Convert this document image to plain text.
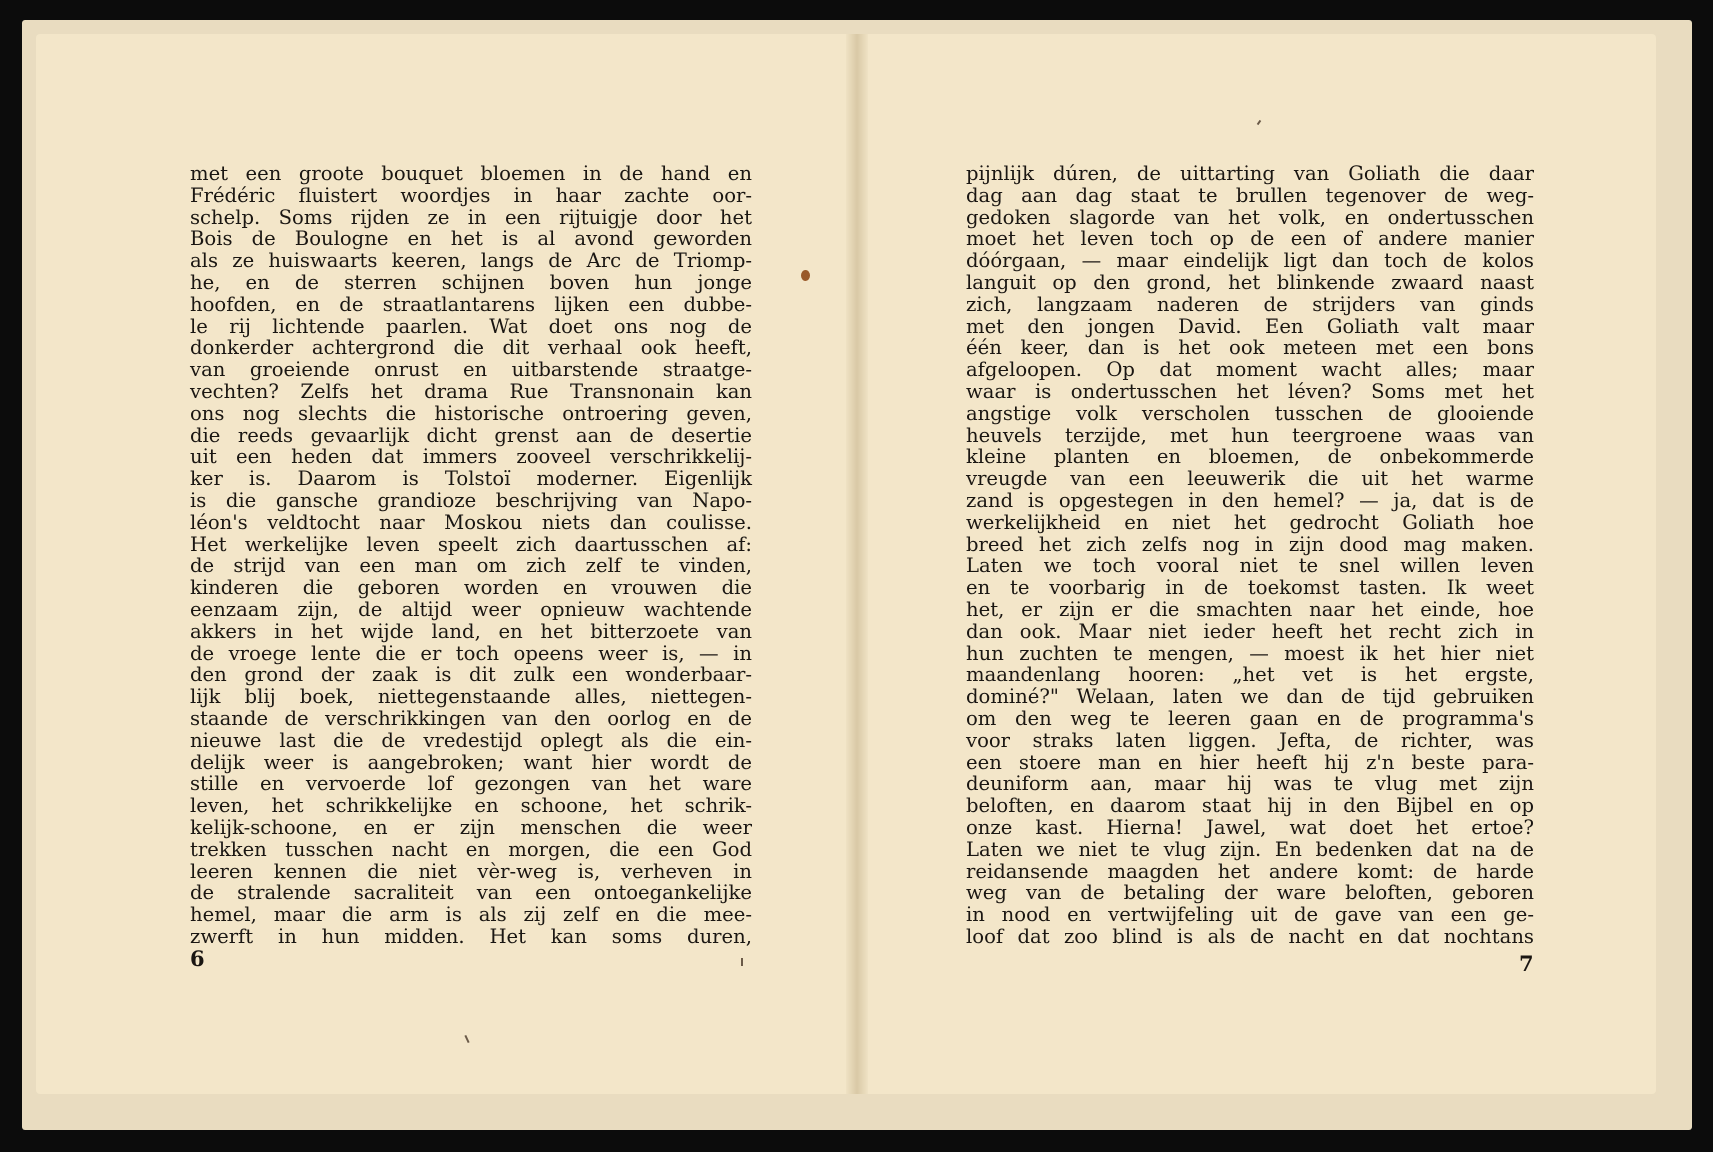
met een groote bouquet bloemen in de hand en
Frédéric fluistert woordjes in haar zachte oor-
schelp. Soms rijden ze in een rijtuigje door het
Bois de Boulogne en het is al avond geworden
als ze huiswaarts keeren, langs de Arc de Triomp-
he, en de sterren schijnen boven hun jonge
hoofden, en de straatlantarens lijken een dubbe-
le rij lichtende paarlen. Wat doet ons nog de
donkerder achtergrond die dit verhaal ook heeft,
van groeiende onrust en uitbarstende straatge-
vechten? Zelfs het drama Rue Transnonain kan
ons nog slechts die historische ontroering geven,
die reeds gevaarlijk dicht grenst aan de desertie
uit een heden dat immers zooveel verschrikkelij-
ker is. Daarom is Tolstoï moderner. Eigenlijk
is die gansche grandioze beschrijving van Napo-
léon's veldtocht naar Moskou niets dan coulisse.
Het werkelijke leven speelt zich daartusschen af:
de strijd van een man om zich zelf te vinden,
kinderen die geboren worden en vrouwen die
eenzaam zijn, de altijd weer opnieuw wachtende
akkers in het wijde land, en het bitterzoete van
de vroege lente die er toch opeens weer is, — in
den grond der zaak is dit zulk een wonderbaar-
lijk blij boek, niettegenstaande alles, niettegen-
staande de verschrikkingen van den oorlog en de
nieuwe last die de vredestijd oplegt als die ein-
delijk weer is aangebroken; want hier wordt de
stille en vervoerde lof gezongen van het ware
leven, het schrikkelijke en schoone, het schrik-
kelijk-schoone, en er zijn menschen die weer
trekken tusschen nacht en morgen, die een God
leeren kennen die niet vèr-weg is, verheven in
de stralende sacraliteit van een ontoegankelijke
hemel, maar die arm is als zij zelf en die mee-
zwerft in hun midden. Het kan soms duren,
pijnlijk dúren, de uittarting van Goliath die daar
dag aan dag staat te brullen tegenover de weg-
gedoken slagorde van het volk, en ondertusschen
moet het leven toch op de een of andere manier
dóórgaan, — maar eindelijk ligt dan toch de kolos
languit op den grond, het blinkende zwaard naast
zich, langzaam naderen de strijders van ginds
met den jongen David. Een Goliath valt maar
één keer, dan is het ook meteen met een bons
afgeloopen. Op dat moment wacht alles; maar
waar is ondertusschen het léven? Soms met het
angstige volk verscholen tusschen de glooiende
heuvels terzijde, met hun teergroene waas van
kleine planten en bloemen, de onbekommerde
vreugde van een leeuwerik die uit het warme
zand is opgestegen in den hemel? — ja, dat is de
werkelijkheid en niet het gedrocht Goliath hoe
breed het zich zelfs nog in zijn dood mag maken.
Laten we toch vooral niet te snel willen leven
en te voorbarig in de toekomst tasten. Ik weet
het, er zijn er die smachten naar het einde, hoe
dan ook. Maar niet ieder heeft het recht zich in
hun zuchten te mengen, — moest ik het hier niet
maandenlang hooren: „het vet is het ergste,
dominé?" Welaan, laten we dan de tijd gebruiken
om den weg te leeren gaan en de programma's
voor straks laten liggen. Jefta, de richter, was
een stoere man en hier heeft hij z'n beste para-
deuniform aan, maar hij was te vlug met zijn
beloften, en daarom staat hij in den Bijbel en op
onze kast. Hierna! Jawel, wat doet het ertoe?
Laten we niet te vlug zijn. En bedenken dat na de
reidansende maagden het andere komt: de harde
weg van de betaling der ware beloften, geboren
in nood en vertwijfeling uit de gave van een ge-
loof dat zoo blind is als de nacht en dat nochtans
6	7
